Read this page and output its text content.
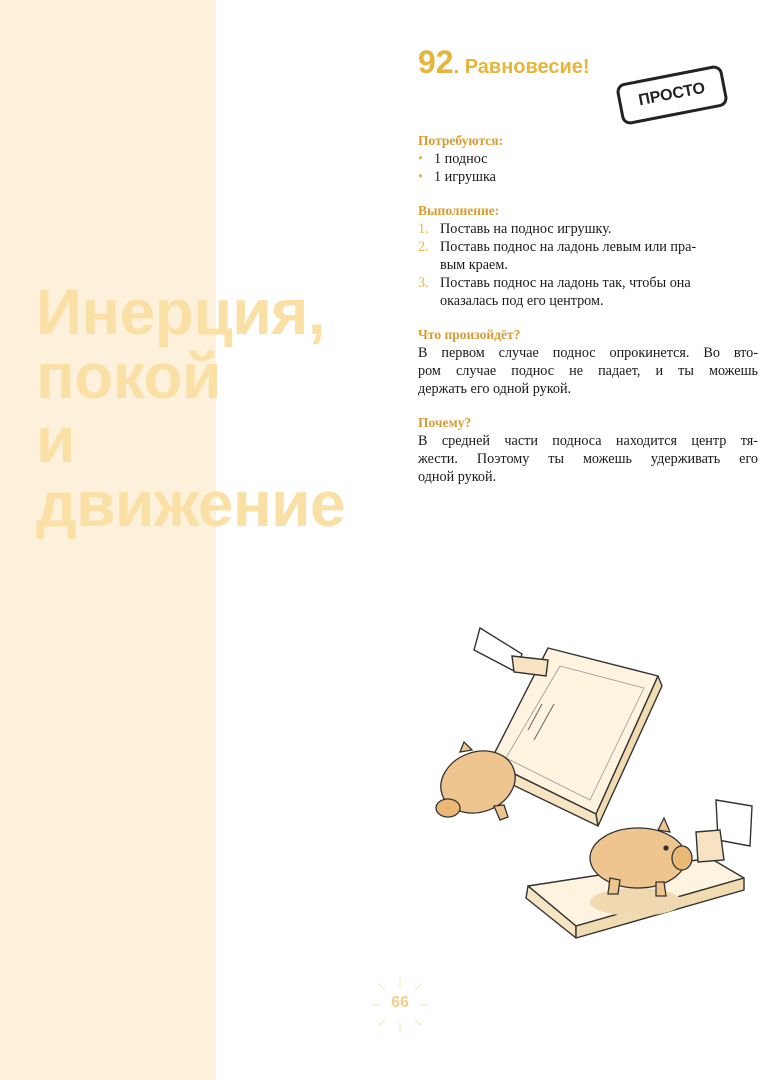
Инерция,
покой
и
движение
92. Равновесие!
ПРОСТО
Потребуются:
• 1 поднос
• 1 игрушка
Выполнение:
1. Поставь на поднос игрушку.
2. Поставь поднос на ладонь левым или пра-
вым краем.
3. Поставь поднос на ладонь так, чтобы она
оказалась под его центром.
Что произойдёт?
В первом случае поднос опрокинется. Во вто-
ром случае поднос не падает, и ты можешь
держать его одной рукой.
Почему?
В средней части подноса находится центр тя-
жести. Поэтому ты можешь удерживать его
одной рукой.
66
